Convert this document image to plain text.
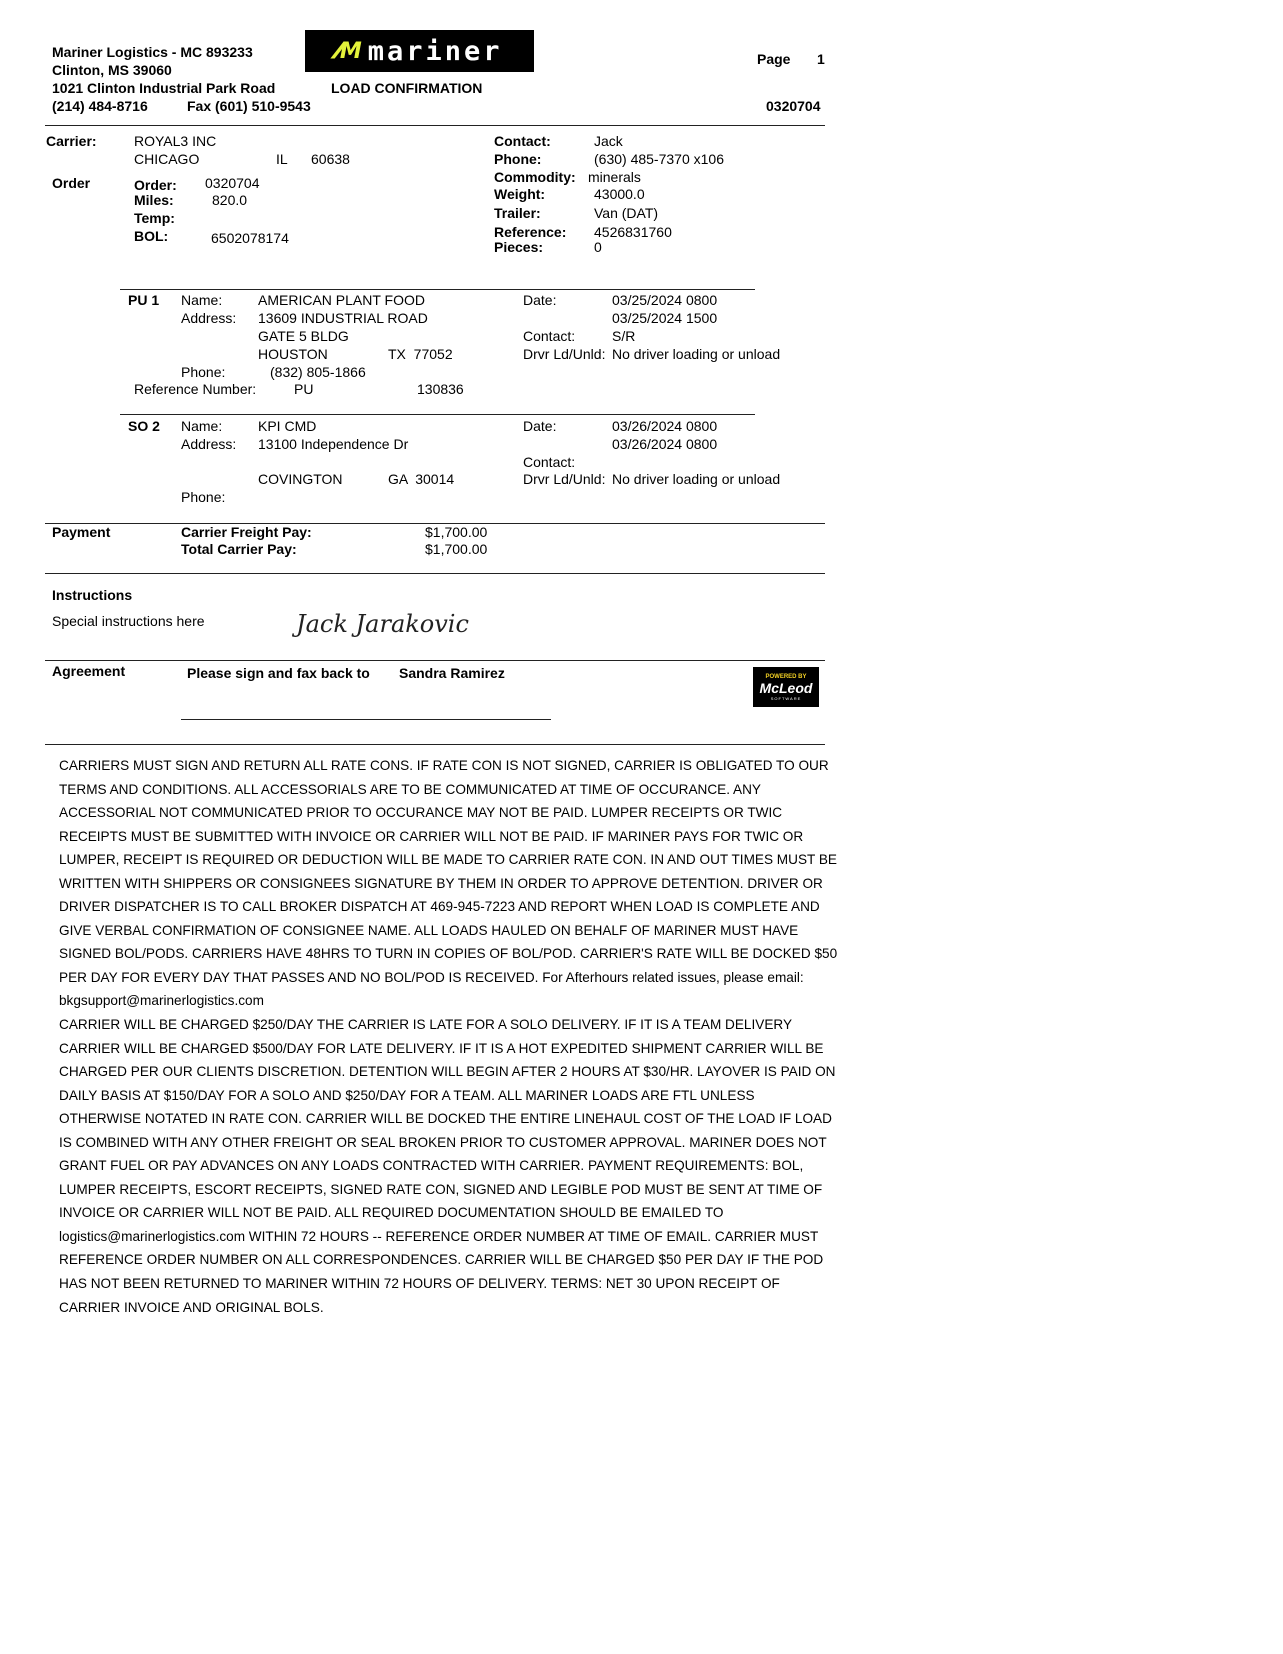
Mariner Logistics - MC 893233
Clinton, MS 39060
1021 Clinton Industrial Park Road
(214) 484-8716	Fax (601) 510-9543
LOAD CONFIRMATION
⁄⁄M mariner	Page 1
0320704
Carrier:	ROYAL3 INC
CHICAGO	IL 60638
Contact:	Jack
Phone:	(630) 485-7370 x106
Commodity: minerals
Weight:	43000.0
Trailer:	Van (DAT)
Reference: 4526831760
Pieces:	0
Order	Order: 0320704
Miles:	820.0
Temp:
BOL:	6502078174
PU 1 Name:	AMERICAN PLANT FOOD
Address: 13609 INDUSTRIAL ROAD
GATE 5 BLDG
HOUSTON	TX  77052
Phone:	(832) 805-1866
Reference Number:	PU	130836
Date:	03/25/2024 0800
03/25/2024 1500
Contact:	S/R
Drvr Ld/Unld: No driver loading or unload
SO 2 Name:	KPI CMD
Address: 13100 Independence Dr
COVINGTON	GA  30014
Phone:
Date:	03/26/2024 0800
03/26/2024 0800
Contact:
Drvr Ld/Unld: No driver loading or unload
Payment	Carrier Freight Pay:	$1,700.00
Total Carrier Pay:	$1,700.00
Instructions
Special instructions here	Jack Jarakovic
Agreement	Please sign and fax back to Sandra Ramirez	POWERED BY
McLeod
SOFTWARE

CARRIERS MUST SIGN AND RETURN ALL RATE CONS. IF RATE CON IS NOT SIGNED, CARRIER IS OBLIGATED TO OUR TERMS AND CONDITIONS. ALL ACCESSORIALS ARE TO BE COMMUNICATED AT TIME OF OCCURANCE. ANY ACCESSORIAL NOT COMMUNICATED PRIOR TO OCCURANCE MAY NOT BE PAID. LUMPER RECEIPTS OR TWIC RECEIPTS MUST BE SUBMITTED WITH INVOICE OR CARRIER WILL NOT BE PAID. IF MARINER PAYS FOR TWIC OR LUMPER, RECEIPT IS REQUIRED OR DEDUCTION WILL BE MADE TO CARRIER RATE CON. IN AND OUT TIMES MUST BE WRITTEN WITH SHIPPERS OR CONSIGNEES SIGNATURE BY THEM IN ORDER TO APPROVE DETENTION. DRIVER OR DRIVER DISPATCHER IS TO CALL BROKER DISPATCH AT 469-945-7223 AND REPORT WHEN LOAD IS COMPLETE AND GIVE VERBAL CONFIRMATION OF CONSIGNEE NAME. ALL LOADS HAULED ON BEHALF OF MARINER MUST HAVE SIGNED BOL/PODS. CARRIERS HAVE 48HRS TO TURN IN COPIES OF BOL/POD. CARRIER'S RATE WILL BE DOCKED $50 PER DAY FOR EVERY DAY THAT PASSES AND NO BOL/POD IS RECEIVED. For Afterhours related issues, please email: bkgsupport@marinerlogistics.com

CARRIER WILL BE CHARGED $250/DAY THE CARRIER IS LATE FOR A SOLO DELIVERY. IF IT IS A TEAM DELIVERY CARRIER WILL BE CHARGED $500/DAY FOR LATE DELIVERY. IF IT IS A HOT EXPEDITED SHIPMENT CARRIER WILL BE CHARGED PER OUR CLIENTS DISCRETION. DETENTION WILL BEGIN AFTER 2 HOURS AT $30/HR. LAYOVER IS PAID ON DAILY BASIS AT $150/DAY FOR A SOLO AND $250/DAY FOR A TEAM. ALL MARINER LOADS ARE FTL UNLESS OTHERWISE NOTATED IN RATE CON. CARRIER WILL BE DOCKED THE ENTIRE LINEHAUL COST OF THE LOAD IF LOAD IS COMBINED WITH ANY OTHER FREIGHT OR SEAL BROKEN PRIOR TO CUSTOMER APPROVAL. MARINER DOES NOT GRANT FUEL OR PAY ADVANCES ON ANY LOADS CONTRACTED WITH CARRIER. PAYMENT REQUIREMENTS: BOL, LUMPER RECEIPTS, ESCORT RECEIPTS, SIGNED RATE CON, SIGNED AND LEGIBLE POD MUST BE SENT AT TIME OF INVOICE OR CARRIER WILL NOT BE PAID. ALL REQUIRED DOCUMENTATION SHOULD BE EMAILED TO logistics@marinerlogistics.com WITHIN 72 HOURS -- REFERENCE ORDER NUMBER AT TIME OF EMAIL. CARRIER MUST REFERENCE ORDER NUMBER ON ALL CORRESPONDENCES. CARRIER WILL BE CHARGED $50 PER DAY IF THE POD HAS NOT BEEN RETURNED TO MARINER WITHIN 72 HOURS OF DELIVERY. TERMS: NET 30 UPON RECEIPT OF CARRIER INVOICE AND ORIGINAL BOLS.
